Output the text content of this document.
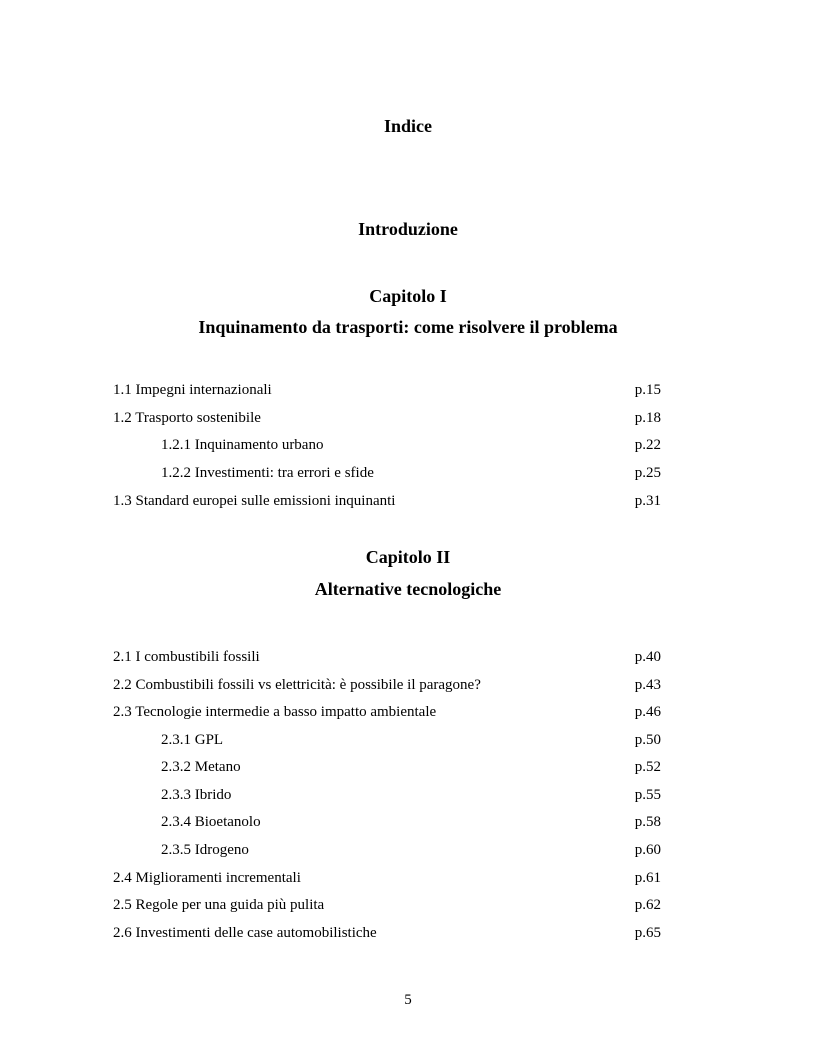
Indice
Introduzione
Capitolo I
Inquinamento da trasporti: come risolvere il problema
1.1 Impegni internazionali	p.15
1.2 Trasporto sostenibile	p.18
1.2.1 Inquinamento urbano	p.22
1.2.2 Investimenti: tra errori e sfide	p.25
1.3 Standard europei sulle emissioni inquinanti	p.31
Capitolo II
Alternative tecnologiche
2.1 I combustibili fossili	p.40
2.2 Combustibili fossili vs elettricità: è possibile il paragone?	p.43
2.3 Tecnologie intermedie a basso impatto ambientale	p.46
2.3.1 GPL	p.50
2.3.2 Metano	p.52
2.3.3 Ibrido	p.55
2.3.4 Bioetanolo	p.58
2.3.5 Idrogeno	p.60
2.4 Miglioramenti incrementali	p.61
2.5 Regole per una guida più pulita	p.62
2.6 Investimenti delle case automobilistiche	p.65
5
